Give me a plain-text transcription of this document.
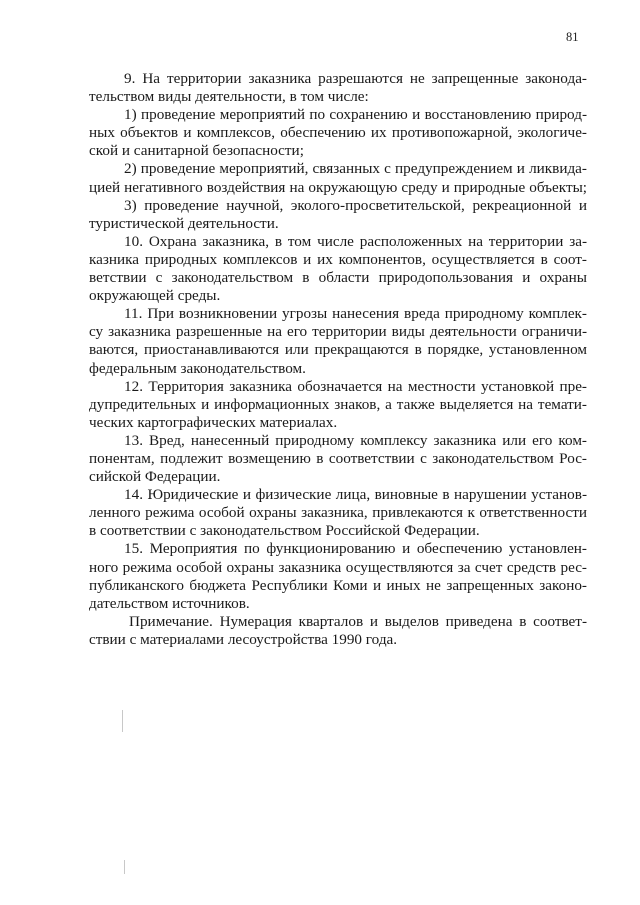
81
9. На территории заказника разрешаются не запрещенные законода-
тельством виды деятельности, в том числе:
1) проведение мероприятий по сохранению и восстановлению природ-
ных объектов и комплексов, обеспечению их противопожарной, экологиче-
ской и санитарной безопасности;
2) проведение мероприятий, связанных с предупреждением и ликвида-
цией негативного воздействия на окружающую среду и природные объекты;
3) проведение научной, эколого-просветительской, рекреационной и
туристической деятельности.
10. Охрана заказника, в том числе расположенных на территории за-
казника природных комплексов и их компонентов, осуществляется в соот-
ветствии с законодательством в области природопользования и охраны
окружающей среды.
11. При возникновении угрозы нанесения вреда природному комплек-
су заказника разрешенные на его территории виды деятельности ограничи-
ваются, приостанавливаются или прекращаются в порядке, установленном
федеральным законодательством.
12. Территория заказника обозначается на местности установкой пре-
дупредительных и информационных знаков, а также выделяется на темати-
ческих картографических материалах.
13. Вред, нанесенный природному комплексу заказника или его ком-
понентам, подлежит возмещению в соответствии с законодательством Рос-
сийской Федерации.
14. Юридические и физические лица, виновные в нарушении установ-
ленного режима особой охраны заказника, привлекаются к ответственности
в соответствии с законодательством Российской Федерации.
15. Мероприятия по функционированию и обеспечению установлен-
ного режима особой охраны заказника осуществляются за счет средств рес-
публиканского бюджета Республики Коми и иных не запрещенных законо-
дательством источников.
Примечание. Нумерация кварталов и выделов приведена в соответ-
ствии с материалами лесоустройства 1990 года.
